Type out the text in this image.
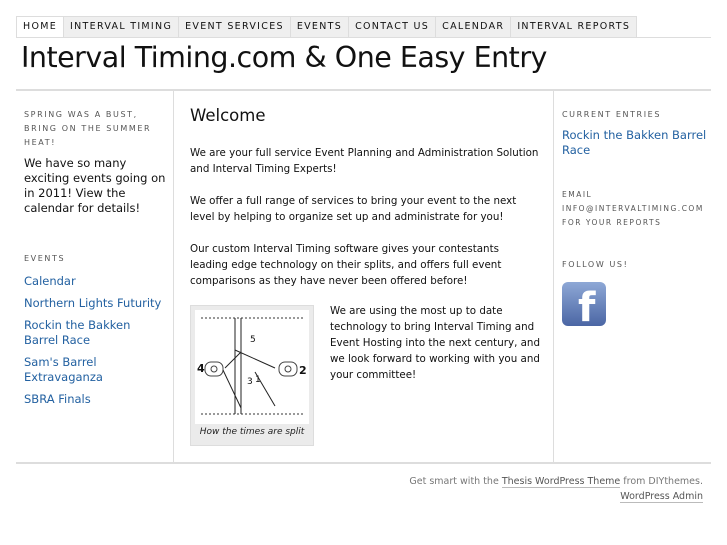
HOME	INTERVAL TIMING	EVENT SERVICES	EVENTS	CONTACT US	CALENDAR	INTERVAL REPORTS
Interval Timing.com & One Easy Entry
SPRING WAS A BUST, BRING ON THE SUMMER HEAT!
We have so many exciting events going on in 2011! View the calendar for details!
EVENTS
Calendar
Northern Lights Futurity
Rockin the Bakken Barrel Race
Sam's Barrel Extravaganza
SBRA Finals
Welcome

We are your full service Event Planning and Administration Solution and Interval Timing Experts!

We offer a full range of services to bring your event to the next level by helping to organize set up and administrate for you!

Our custom Interval Timing software gives your contestants leading edge technology on their splits, and offers full event comparisons as they have never been offered before!

4	2
5
1
3
How the times are split
We are using the most up to date technology to bring Interval Timing and Event Hosting into the next century, and we look forward to working with you and your committee!
CURRENT ENTRIES
Rockin the Bakken Barrel Race
EMAIL
INFO@INTERVALTIMING.COM
FOR YOUR REPORTS
FOLLOW US!
f
Get smart with the Thesis WordPress Theme from DIYthemes.
WordPress Admin
